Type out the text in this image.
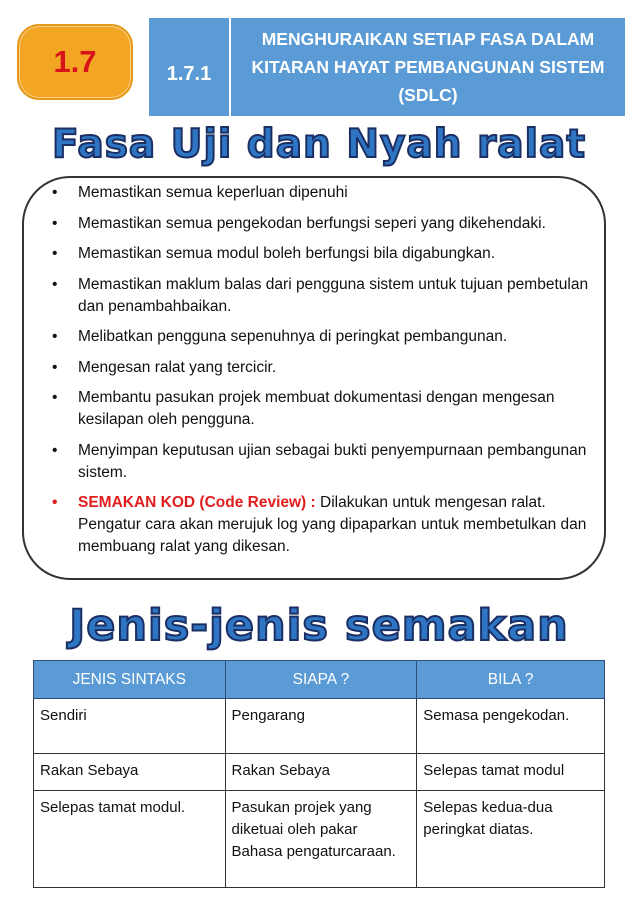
1.7	1.7.1
MENGHURAIKAN SETIAP FASA DALAM KITARAN HAYAT PEMBANGUNAN SISTEM (SDLC)
Fasa Uji dan Nyah ralat
• Memastikan semua keperluan dipenuhi
• Memastikan semua pengekodan berfungsi seperi yang dikehendaki.
• Memastikan semua modul boleh berfungsi bila digabungkan.
• Memastikan maklum balas dari pengguna sistem untuk tujuan pembetulan dan penambahbaikan.
• Melibatkan pengguna sepenuhnya di peringkat pembangunan.
• Mengesan ralat yang tercicir.
• Membantu pasukan projek membuat dokumentasi dengan mengesan kesilapan oleh pengguna.
• Menyimpan keputusan ujian sebagai bukti penyempurnaan pembangunan sistem.
• SEMAKAN KOD (Code Review) : Dilakukan untuk mengesan ralat. Pengatur cara akan merujuk log yang dipaparkan untuk membetulkan dan membuang ralat yang dikesan.
Jenis-jenis semakan
JENIS SINTAKS	SIAPA ?	BILA ?
Sendiri	Pengarang	Semasa pengekodan.
Rakan Sebaya	Rakan Sebaya	Selepas tamat modul
Selepas tamat modul.	Pasukan projek yang diketuai oleh pakar Bahasa pengaturcaraan.	Selepas kedua-dua peringkat diatas.
